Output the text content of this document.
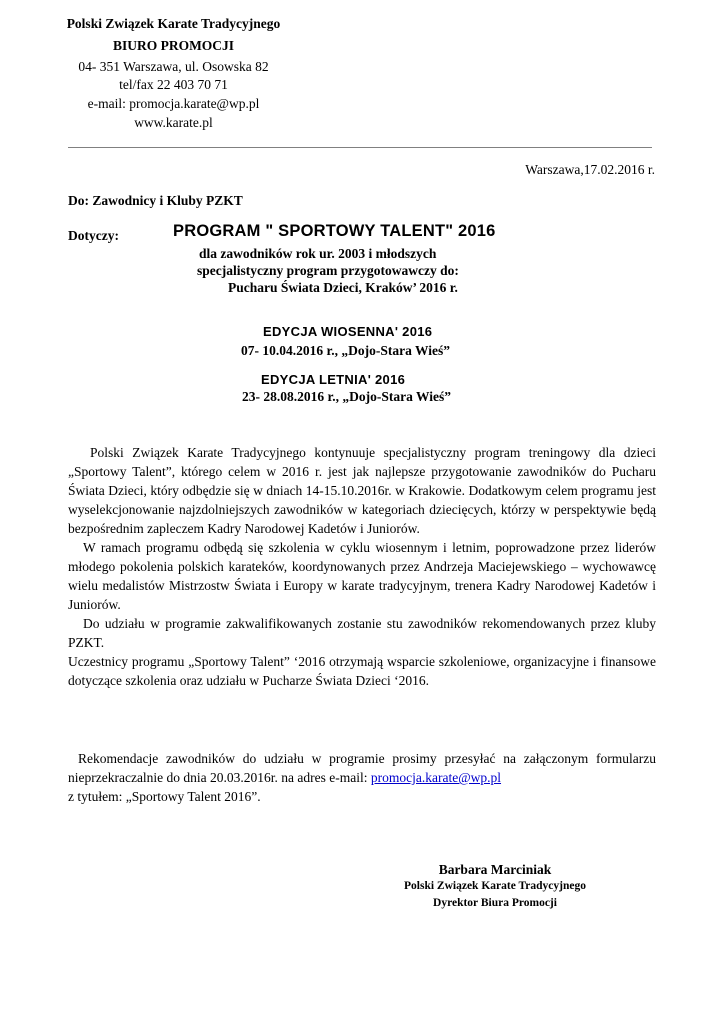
Polski Związek Karate Tradycyjnego
BIURO PROMOCJI
04- 351 Warszawa, ul. Osowska 82
tel/fax 22 403 70 71
e-mail: promocja.karate@wp.pl
www.karate.pl
Warszawa,17.02.2016 r.
Do: Zawodnicy i Kluby PZKT
Dotyczy:	PROGRAM " SPORTOWY TALENT" 2016
dla zawodników rok ur. 2003 i młodszych
specjalistyczny program przygotowawczy do:
Pucharu Świata Dzieci, Kraków’ 2016 r.
EDYCJA WIOSENNA' 2016
07- 10.04.2016 r., „Dojo-Stara Wieś”
EDYCJA LETNIA' 2016
23- 28.08.2016 r., „Dojo-Stara Wieś”

Polski Związek Karate Tradycyjnego kontynuuje specjalistyczny program treningowy dla dzieci „Sportowy Talent”, którego celem w 2016 r. jest jak najlepsze przygotowanie zawodników do Pucharu Świata Dzieci, który odbędzie się w dniach 14-15.10.2016r. w Krakowie. Dodatkowym celem programu jest wyselekcjonowanie najzdolniejszych zawodników w kategoriach dziecięcych, którzy w perspektywie będą bezpośrednim zapleczem Kadry Narodowej Kadetów i Juniorów.

W ramach programu odbędą się szkolenia w cyklu wiosennym i letnim, poprowadzone przez liderów młodego pokolenia polskich karateków, koordynowanych przez Andrzeja Maciejewskiego – wychowawcę wielu medalistów Mistrzostw Świata i Europy w karate tradycyjnym, trenera Kadry Narodowej Kadetów i Juniorów.

Do udziału w programie zakwalifikowanych zostanie stu zawodników rekomendowanych przez kluby PZKT.

Uczestnicy programu „Sportowy Talent” ‘2016 otrzymają wsparcie szkoleniowe, organizacyjne i finansowe dotyczące szkolenia oraz udziału w Pucharze Świata Dzieci ‘2016.

Rekomendacje zawodników do udziału w programie prosimy przesyłać na załączonym formularzu nieprzekraczalnie do dnia 20.03.2016r. na adres e-mail: promocja.karate@wp.pl

z tytułem: „Sportowy Talent 2016”.

Barbara Marciniak
Polski Związek Karate Tradycyjnego
Dyrektor Biura Promocji
